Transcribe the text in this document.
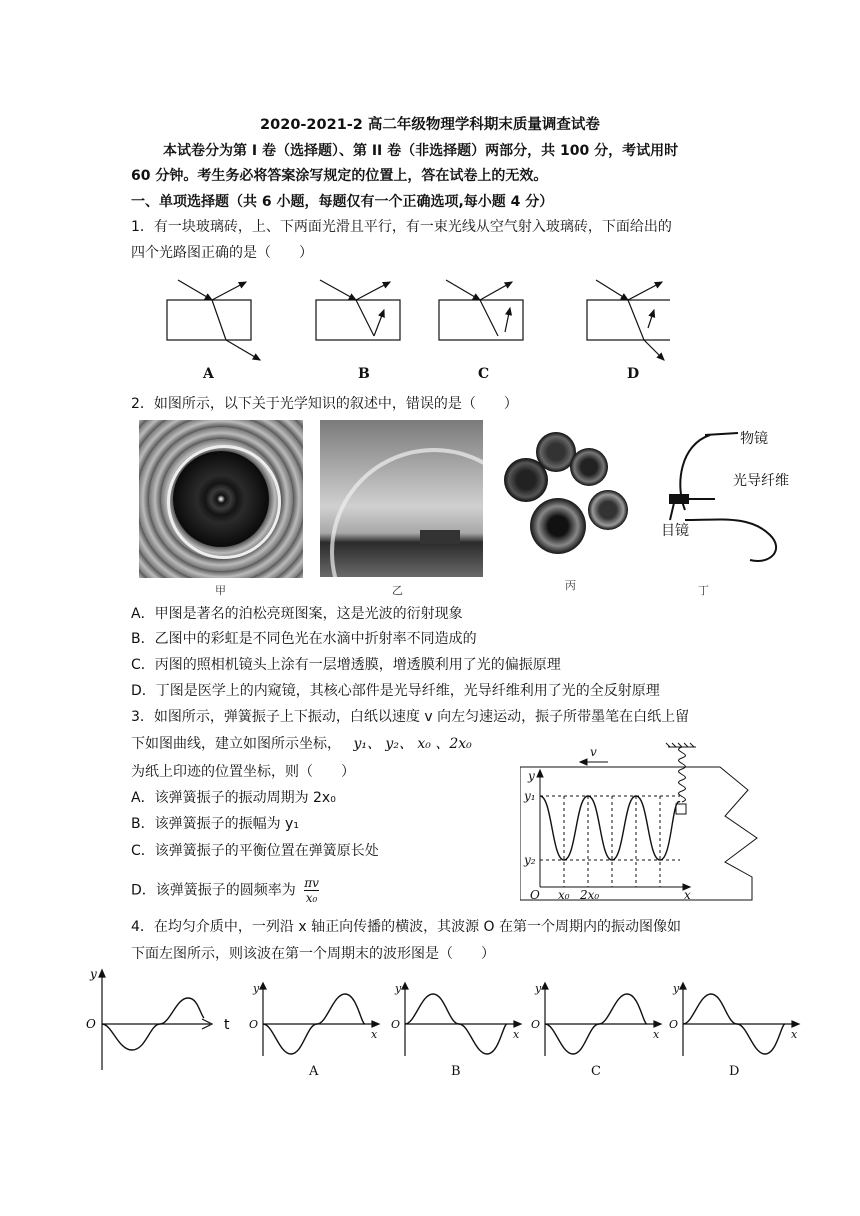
2020-2021-2 高二年级物理学科期末质量调查试卷
本试卷分为第 I 卷（选择题）、第 II 卷（非选择题）两部分，共 100 分，考试用时
60 分钟。考生务必将答案涂写规定的位置上，答在试卷上的无效。
一、单项选择题（共 6 小题，每题仅有一个正确选项,每小题 4 分）
1．有一块玻璃砖，上、下两面光滑且平行，有一束光线从空气射入玻璃砖，下面给出的
四个光路图正确的是（　　）
A	B	C	D
2．如图所示，以下关于光学知识的叙述中，错误的是（　　）
物镜
光导纤维
目镜
甲	乙	丙	丁
A．甲图是著名的泊松亮斑图案，这是光波的衍射现象
B．乙图中的彩虹是不同色光在水滴中折射率不同造成的
C．丙图的照相机镜头上涂有一层增透膜，增透膜利用了光的偏振原理
D．丁图是医学上的内窥镜，其核心部件是光导纤维，光导纤维利用了光的全反射原理
3．如图所示，弹簧振子上下振动，白纸以速度 v 向左匀速运动，振子所带墨笔在白纸上留
下如图曲线，建立如图所示坐标， y₁、 y₂、 x₀ 、2x₀
为纸上印迹的位置坐标，则（　　）
A．该弹簧振子的振动周期为 2x₀
B．该弹簧振子的振幅为 y₁
C．该弹簧振子的平衡位置在弹簧原长处
D．该弹簧振子的圆频率为 $\frac{\pi v}{\text{x₀}}$
v
y
y₁
y₂
O x₀ 2x₀	x
4．在均匀介质中，一列沿 x 轴正向传播的横波，其波源 O 在第一个周期内的振动图像如
下面左图所示，则该波在第一个周期末的波形图是（　　）
y
O	t
y
O
x
y
O
x
y
O
x
y
O
x
A	B	C	D
